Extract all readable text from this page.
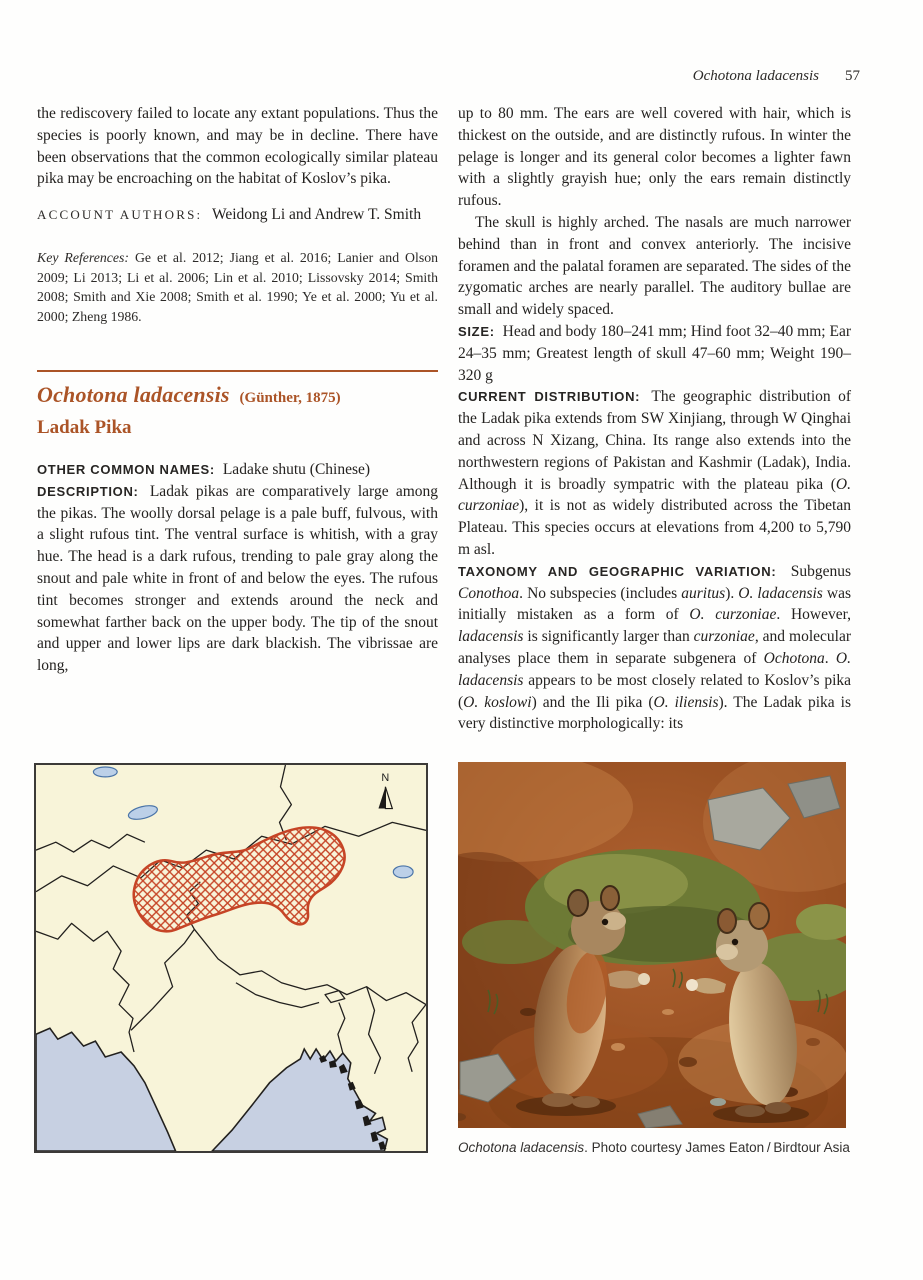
Ochotona ladacensis 57

the rediscovery failed to locate any extant populations. Thus the species is poorly known, and may be in decline. There have been observations that the common ecologically similar plateau pika may be encroaching on the habitat of Koslov’s pika.

ACCOUNT AUTHORS: Weidong Li and Andrew T. Smith

Key References: Ge et al. 2012; Jiang et al. 2016; Lanier and Olson 2009; Li 2013; Li et al. 2006; Lin et al. 2010; Lissovsky 2014; Smith 2008; Smith and Xie 2008; Smith et al. 1990; Ye et al. 2000; Yu et al. 2000; Zheng 1986.

Ochotona ladacensis (Günther, 1875)
Ladak Pika

OTHER COMMON NAMES: Ladake shutu (Chinese)

DESCRIPTION: Ladak pikas are comparatively large among the pikas. The woolly dorsal pelage is a pale buff, fulvous, with a slight rufous tint. The ventral surface is whitish, with a gray hue. The head is a dark rufous, trending to pale gray along the snout and pale white in front of and below the eyes. The rufous tint becomes stronger and extends around the neck and somewhat farther back on the upper body. The tip of the snout and upper and lower lips are dark blackish. The vibrissae are long,

up to 80 mm. The ears are well covered with hair, which is thickest on the outside, and are distinctly rufous. In winter the pelage is longer and its general color becomes a lighter fawn with a slightly grayish hue; only the ears remain distinctly rufous.

The skull is highly arched. The nasals are much narrower behind than in front and convex anteriorly. The incisive foramen and the palatal foramen are separated. The sides of the zygomatic arches are nearly parallel. The auditory bullae are small and widely spaced.

SIZE: Head and body 180–241 mm; Hind foot 32–40 mm; Ear 24–35 mm; Greatest length of skull 47–60 mm; Weight 190–320 g

CURRENT DISTRIBUTION: The geographic distribution of the Ladak pika extends from SW Xinjiang, through W Qinghai and across N Xizang, China. Its range also extends into the northwestern regions of Pakistan and Kashmir (Ladak), India. Although it is broadly sympatric with the plateau pika (O. curzoniae), it is not as widely distributed across the Tibetan Plateau. This species occurs at elevations from 4,200 to 5,790 m asl.

TAXONOMY AND GEOGRAPHIC VARIATION: Subgenus Conothoa. No subspecies (includes auritus). O. ladacensis was initially mistaken as a form of O. curzoniae. However, ladacensis is significantly larger than curzoniae, and molecular analyses place them in separate subgenera of Ochotona. O. ladacensis appears to be most closely related to Koslov’s pika (O. koslowi) and the Ili pika (O. iliensis). The Ladak pika is very distinctive morphologically: its

N

Ochotona ladacensis. Photo courtesy James Eaton / Birdtour Asia
